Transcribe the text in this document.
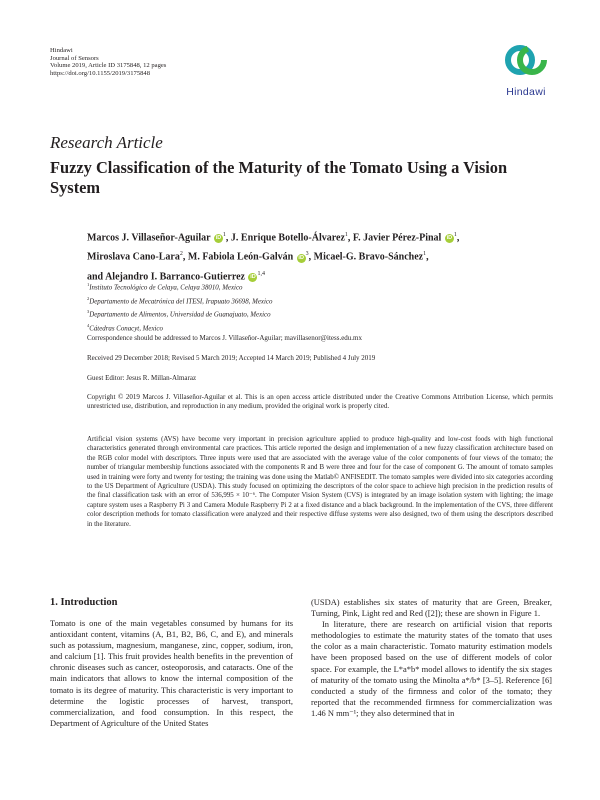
Hindawi
Journal of Sensors
Volume 2019, Article ID 3175848, 12 pages
https://doi.org/10.1155/2019/3175848
Hindawi
Research Article
Fuzzy Classification of the Maturity of the Tomato Using a Vision System
Marcos J. Villaseñor-Aguilar $iD^1$, J. Enrique Botello-Álvarez$^1$, F. Javier Pérez-Pinal $iD^1$,
Miroslava Cano-Lara$^2$, M. Fabiola León-Galván $iD^3$, Micael-G. Bravo-Sánchez$^1$,
and Alejandro I. Barranco-Gutierrez iD$^{1,4}$
$^1$Instituto Tecnológico de Celaya, Celaya 38010, Mexico
$^2$Departamento de Mecatrónica del ITESI, Irapuato 36698, Mexico
$^3$Departamento de Alimentos, Universidad de Guanajuato, Mexico
$^4$Cátedras Conacyt, Mexico
Correspondence should be addressed to Marcos J. Villaseñor-Aguilar; mavillasenor@itess.edu.mx
Received 29 December 2018; Revised 5 March 2019; Accepted 14 March 2019; Published 4 July 2019
Guest Editor: Jesus R. Millan-Almaraz
Copyright © 2019 Marcos J. Villaseñor-Aguilar et al. This is an open access article distributed under the Creative Commons Attribution License, which permits unrestricted use, distribution, and reproduction in any medium, provided the original work is properly cited.
Artificial vision systems (AVS) have become very important in precision agriculture applied to produce high-quality and low-cost foods with high functional characteristics generated through environmental care practices. This article reported the design and implementation of a new fuzzy classification architecture based on the RGB color model with descriptors. Three inputs were used that are associated with the average value of the color components of four views of the tomato; the number of triangular membership functions associated with the components R and B were three and four for the case of component G. The amount of tomato samples used in training were forty and twenty for testing; the training was done using the Matlab© ANFISEDIT. The tomato samples were divided into six categories according to the US Department of Agriculture (USDA). This study focused on optimizing the descriptors of the color space to achieve high precision in the prediction results of the final classification task with an error of 536,995 × 10⁻⁶. The Computer Vision System (CVS) is integrated by an image isolation system with lighting; the image capture system uses a Raspberry Pi 3 and Camera Module Raspberry Pi 2 at a fixed distance and a black background. In the implementation of the CVS, three different color description methods for tomato classification were analyzed and their respective diffuse systems were also designed, two of them using the descriptors described in the literature.
1. Introduction

Tomato is one of the main vegetables consumed by humans for its antioxidant content, vitamins (A, B1, B2, B6, C, and E), and minerals such as potassium, magnesium, manganese, zinc, copper, sodium, iron, and calcium [1]. This fruit provides health benefits in the prevention of chronic diseases such as cancer, osteoporosis, and cataracts. One of the main indicators that allows to know the internal composition of the tomato is its degree of maturity. This characteristic is very important to determine the logistic processes of harvest, transport, commercialization, and food consumption. In this respect, the Department of Agriculture of the United States

(USDA) establishes six states of maturity that are Green, Breaker, Turning, Pink, Light red and Red ([2]); these are shown in Figure 1.

In literature, there are research on artificial vision that reports methodologies to estimate the maturity states of the tomato that uses the color as a main characteristic. Tomato maturity estimation models have been proposed based on the use of different models of color space. For example, the L*a*b* model allows to identify the six stages of maturity of the tomato using the Minolta a*/b* [3–5]. Reference [6] conducted a study of the firmness and color of the tomato; they reported that the recommended firmness for commercialization was 1.46 N mm⁻¹; they also determined that in
